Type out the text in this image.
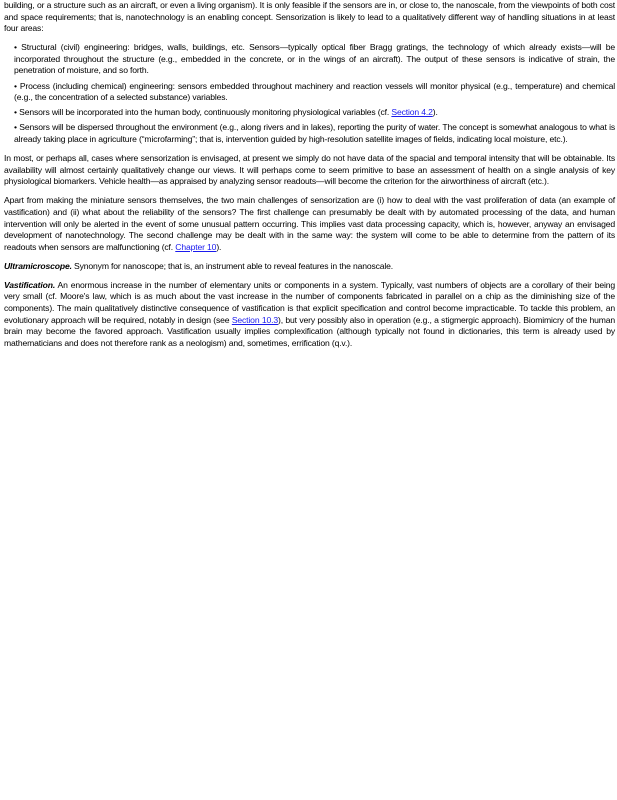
building, or a structure such as an aircraft, or even a living organism). It is only feasible if the sensors are in, or close to, the nanoscale, from the viewpoints of both cost and space requirements; that is, nanotechnology is an enabling concept. Sensorization is likely to lead to a qualitatively different way of handling situations in at least four areas:

• Structural (civil) engineering: bridges, walls, buildings, etc. Sensors—typically optical fiber Bragg gratings, the technology of which already exists—will be incorporated throughout the structure (e.g., embedded in the concrete, or in the wings of an aircraft). The output of these sensors is indicative of strain, the penetration of moisture, and so forth.
• Process (including chemical) engineering: sensors embedded throughout machinery and reaction vessels will monitor physical (e.g., temperature) and chemical (e.g., the concentration of a selected substance) variables.
• Sensors will be incorporated into the human body, continuously monitoring physiological variables (cf. Section 4.2).
• Sensors will be dispersed throughout the environment (e.g., along rivers and in lakes), reporting the purity of water. The concept is somewhat analogous to what is already taking place in agriculture (“microfarming”; that is, intervention guided by high-resolution satellite images of fields, indicating local moisture, etc.).

In most, or perhaps all, cases where sensorization is envisaged, at present we simply do not have data of the spacial and temporal intensity that will be obtainable. Its availability will almost certainly qualitatively change our views. It will perhaps come to seem primitive to base an assessment of health on a single analysis of key physiological biomarkers. Vehicle health—as appraised by analyzing sensor readouts—will become the criterion for the airworthiness of aircraft (etc.).

Apart from making the miniature sensors themselves, the two main challenges of sensorization are (i) how to deal with the vast proliferation of data (an example of vastification) and (ii) what about the reliability of the sensors? The first challenge can presumably be dealt with by automated processing of the data, and human intervention will only be alerted in the event of some unusual pattern occurring. This implies vast data processing capacity, which is, however, anyway an envisaged development of nanotechnology. The second challenge may be dealt with in the same way: the system will come to be able to determine from the pattern of its readouts when sensors are malfunctioning (cf. Chapter 10).

Ultramicroscope. Synonym for nanoscope; that is, an instrument able to reveal features in the nanoscale.

Vastification. An enormous increase in the number of elementary units or components in a system. Typically, vast numbers of objects are a corollary of their being very small (cf. Moore's law, which is as much about the vast increase in the number of components fabricated in parallel on a chip as the diminishing size of the components). The main qualitatively distinctive consequence of vastification is that explicit specification and control become impracticable. To tackle this problem, an evolutionary approach will be required, notably in design (see Section 10.3), but very possibly also in operation (e.g., a stigmergic approach). Biomimicry of the human brain may become the favored approach. Vastification usually implies complexification (although typically not found in dictionaries, this term is already used by mathematicians and does not therefore rank as a neologism) and, sometimes, errification (q.v.).
